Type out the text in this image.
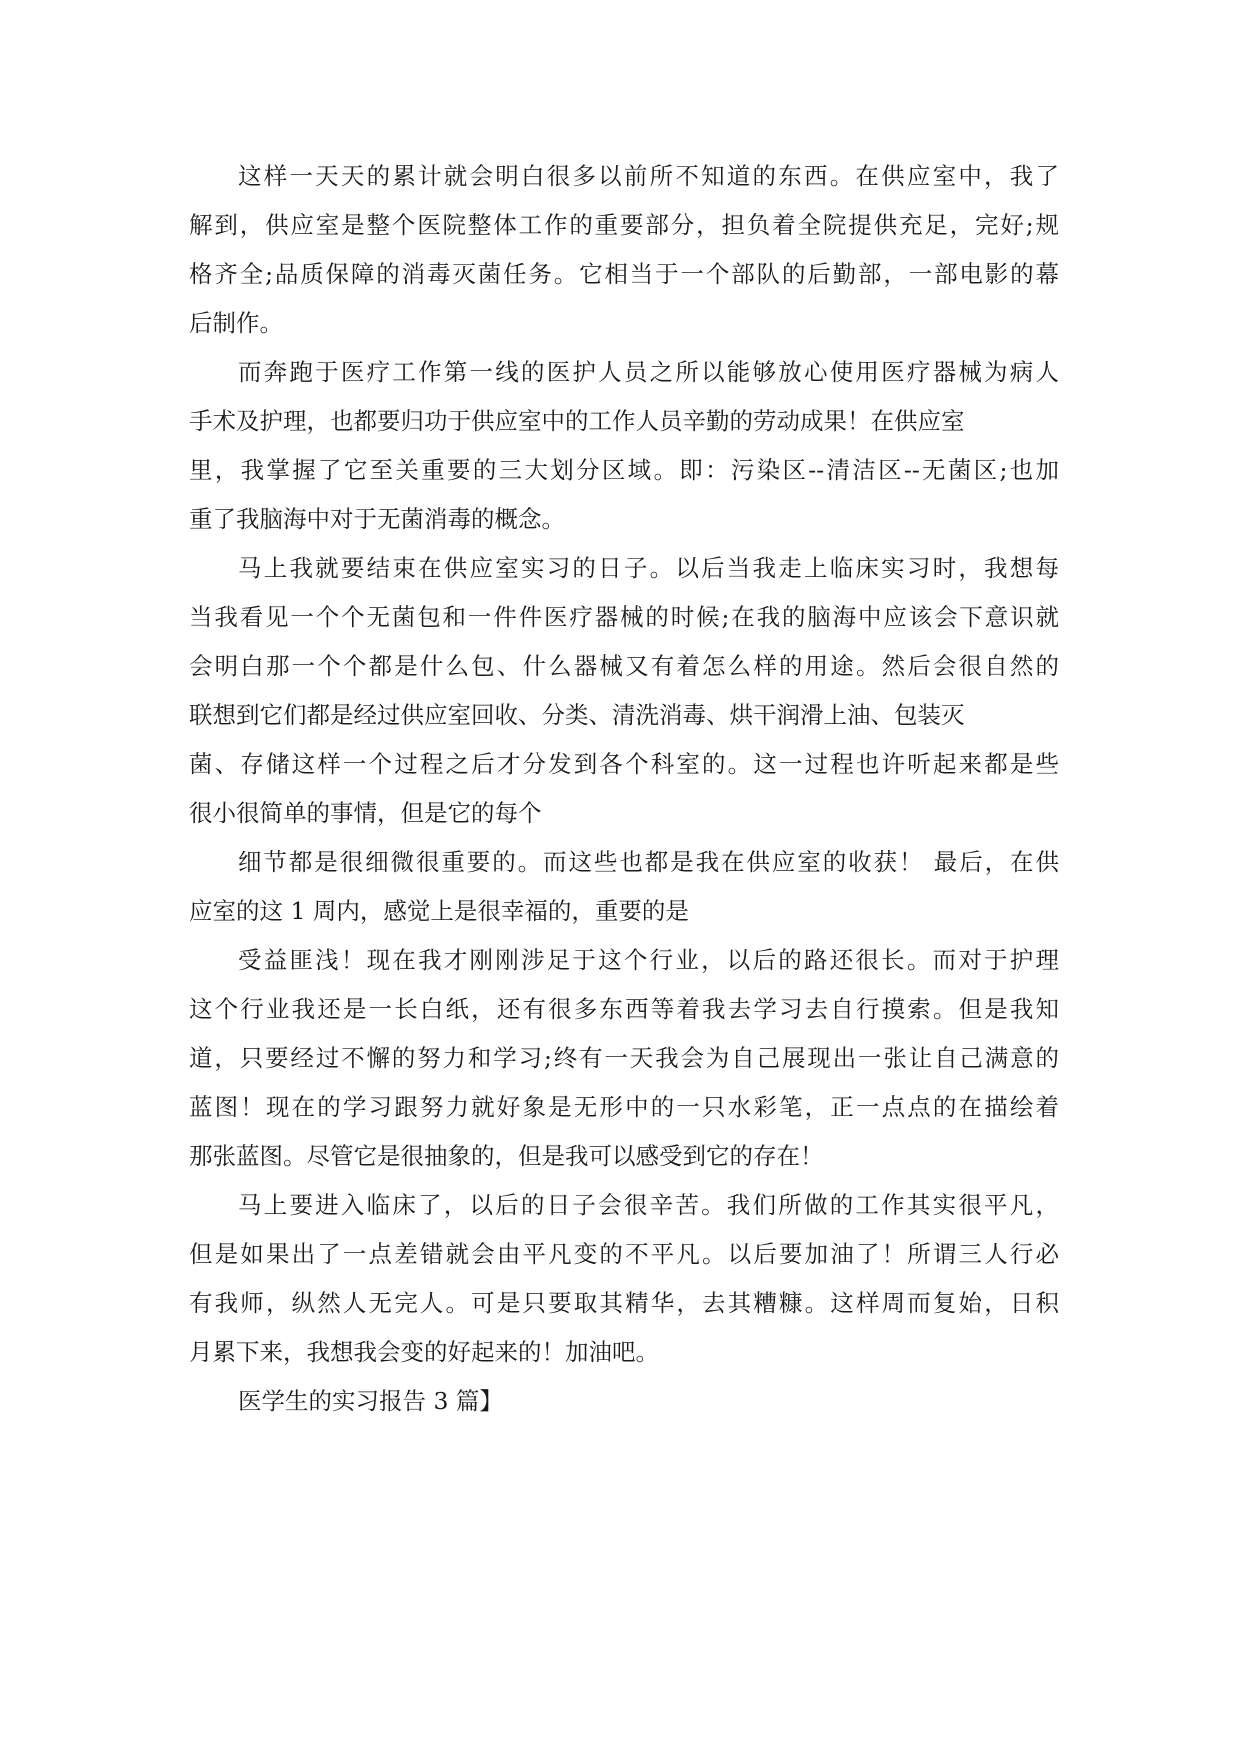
这样一天天的累计就会明白很多以前所不知道的东西。在供应室中，我了
解到，供应室是整个医院整体工作的重要部分，担负着全院提供充足，完好;规
格齐全;品质保障的消毒灭菌任务。它相当于一个部队的后勤部，一部电影的幕
后制作。
而奔跑于医疗工作第一线的医护人员之所以能够放心使用医疗器械为病人
手术及护理，也都要归功于供应室中的工作人员辛勤的劳动成果！在供应室
里，我掌握了它至关重要的三大划分区域。即：污染区--清洁区--无菌区;也加
重了我脑海中对于无菌消毒的概念。
马上我就要结束在供应室实习的日子。以后当我走上临床实习时，我想每
当我看见一个个无菌包和一件件医疗器械的时候;在我的脑海中应该会下意识就
会明白那一个个都是什么包、什么器械又有着怎么样的用途。然后会很自然的
联想到它们都是经过供应室回收、分类、清洗消毒、烘干润滑上油、包装灭
菌、存储这样一个过程之后才分发到各个科室的。这一过程也许听起来都是些
很小很简单的事情，但是它的每个
细节都是很细微很重要的。而这些也都是我在供应室的收获！ 最后，在供
应室的这 1 周内，感觉上是很幸福的，重要的是
受益匪浅！现在我才刚刚涉足于这个行业，以后的路还很长。而对于护理
这个行业我还是一长白纸，还有很多东西等着我去学习去自行摸索。但是我知
道，只要经过不懈的努力和学习;终有一天我会为自己展现出一张让自己满意的
蓝图！现在的学习跟努力就好象是无形中的一只水彩笔，正一点点的在描绘着
那张蓝图。尽管它是很抽象的，但是我可以感受到它的存在！
马上要进入临床了，以后的日子会很辛苦。我们所做的工作其实很平凡，
但是如果出了一点差错就会由平凡变的不平凡。以后要加油了！所谓三人行必
有我师，纵然人无完人。可是只要取其精华，去其糟糠。这样周而复始，日积
月累下来，我想我会变的好起来的！加油吧。
医学生的实习报告 3 篇】
